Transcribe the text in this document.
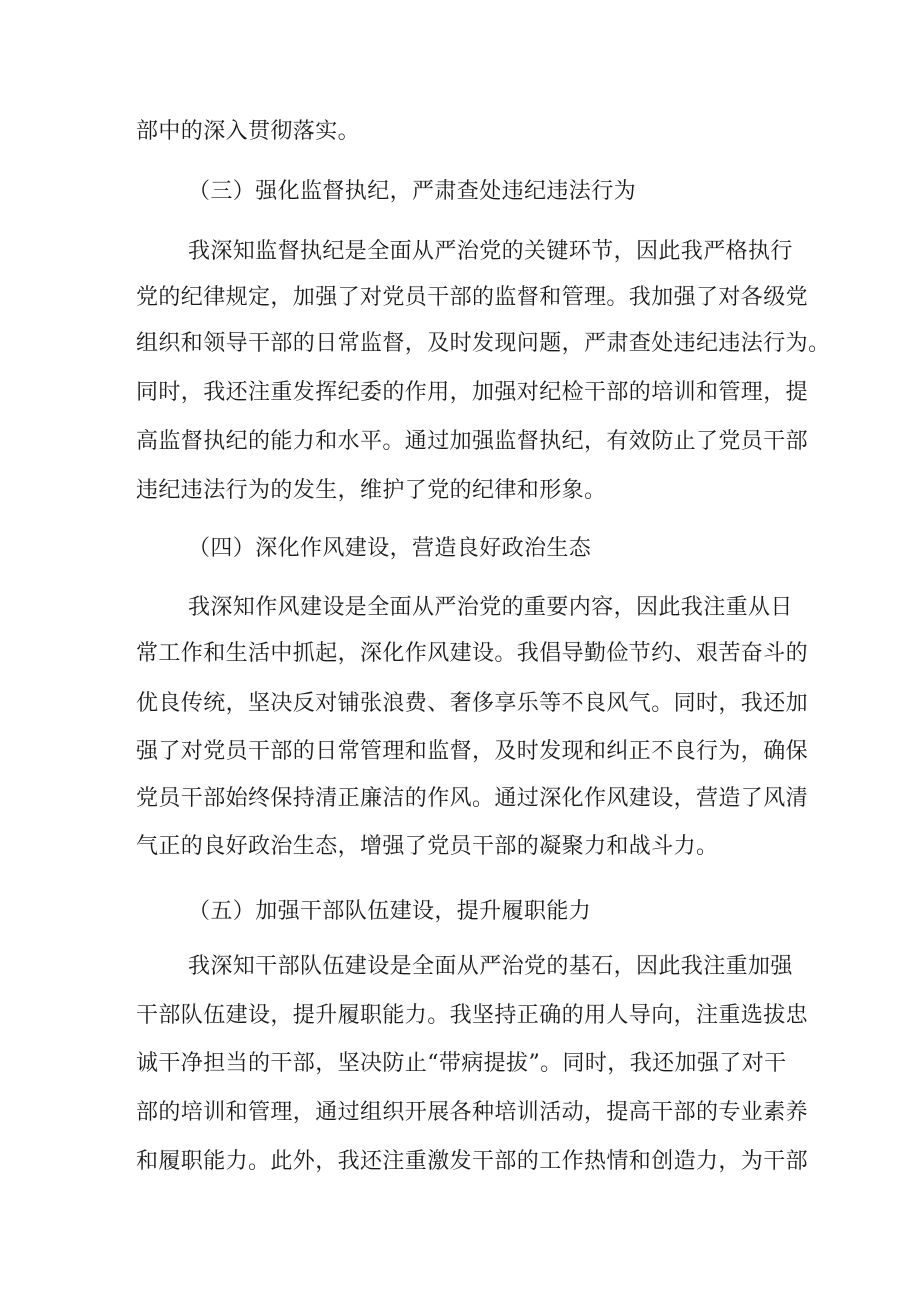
部中的深入贯彻落实。
（三）强化监督执纪，严肃查处违纪违法行为
我深知监督执纪是全面从严治党的关键环节，因此我严格执行
党的纪律规定，加强了对党员干部的监督和管理。我加强了对各级党
组织和领导干部的日常监督，及时发现问题，严肃查处违纪违法行为。
同时，我还注重发挥纪委的作用，加强对纪检干部的培训和管理，提
高监督执纪的能力和水平。通过加强监督执纪，有效防止了党员干部
违纪违法行为的发生，维护了党的纪律和形象。
（四）深化作风建设，营造良好政治生态
我深知作风建设是全面从严治党的重要内容，因此我注重从日
常工作和生活中抓起，深化作风建设。我倡导勤俭节约、艰苦奋斗的
优良传统，坚决反对铺张浪费、奢侈享乐等不良风气。同时，我还加
强了对党员干部的日常管理和监督，及时发现和纠正不良行为，确保
党员干部始终保持清正廉洁的作风。通过深化作风建设，营造了风清
气正的良好政治生态，增强了党员干部的凝聚力和战斗力。
（五）加强干部队伍建设，提升履职能力
我深知干部队伍建设是全面从严治党的基石，因此我注重加强
干部队伍建设，提升履职能力。我坚持正确的用人导向，注重选拔忠
诚干净担当的干部，坚决防止“带病提拔”。同时，我还加强了对干
部的培训和管理，通过组织开展各种培训活动，提高干部的专业素养
和履职能力。此外，我还注重激发干部的工作热情和创造力，为干部
